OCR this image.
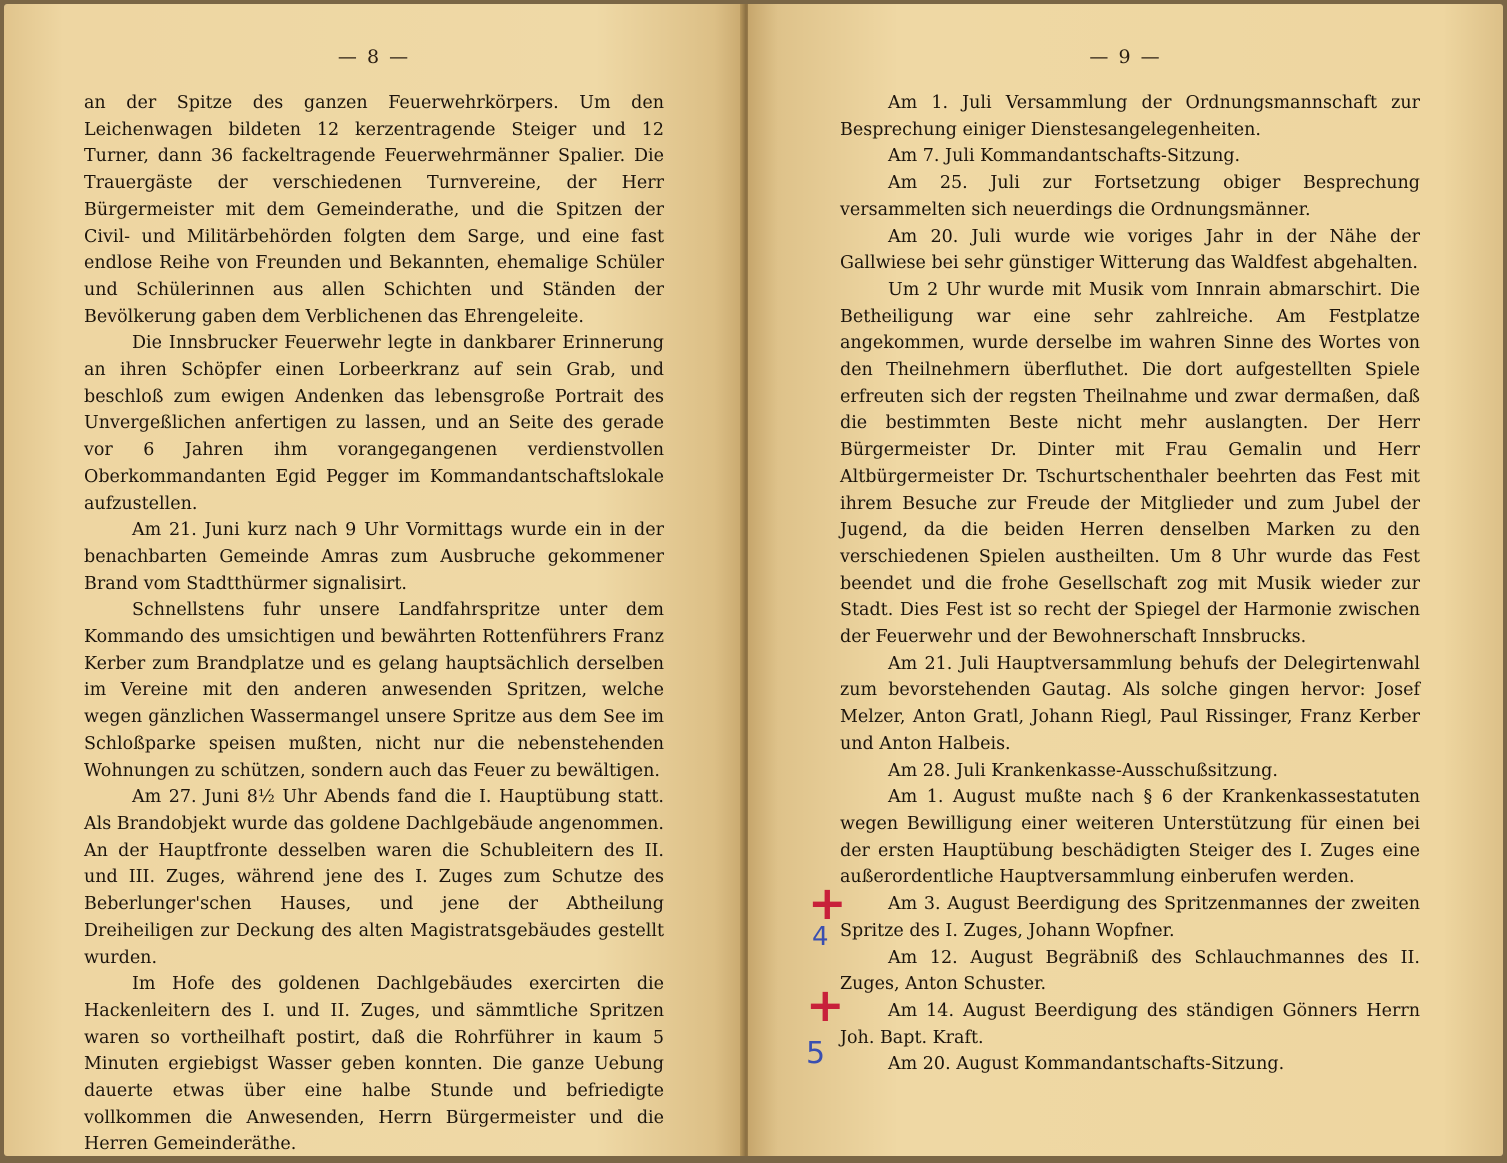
— 8 —

an der Spitze des ganzen Feuerwehrkörpers. Um den Leichenwagen bildeten 12 kerzentragende Steiger und 12 Turner, dann 36 fackeltragende Feuerwehrmänner Spalier. Die Trauergäste der verschiedenen Turnvereine, der Herr Bürgermeister mit dem Gemeinderathe, und die Spitzen der Civil- und Militärbehörden folgten dem Sarge, und eine fast endlose Reihe von Freunden und Bekannten, ehemalige Schüler und Schülerinnen aus allen Schichten und Ständen der Bevölkerung gaben dem Verblichenen das Ehrengeleite.

Die Innsbrucker Feuerwehr legte in dankbarer Erinnerung an ihren Schöpfer einen Lorbeerkranz auf sein Grab, und beschloß zum ewigen Andenken das lebensgroße Portrait des Unvergeßlichen anfertigen zu lassen, und an Seite des gerade vor 6 Jahren ihm vorangegangenen verdienstvollen Oberkommandanten Egid Pegger im Kommandantschaftslokale aufzustellen.

Am 21. Juni kurz nach 9 Uhr Vormittags wurde ein in der benachbarten Gemeinde Amras zum Ausbruche gekommener Brand vom Stadtthürmer signalisirt.

Schnellstens fuhr unsere Landfahrspritze unter dem Kommando des umsichtigen und bewährten Rottenführers Franz Kerber zum Brandplatze und es gelang hauptsächlich derselben im Vereine mit den anderen anwesenden Spritzen, welche wegen gänzlichen Wassermangel unsere Spritze aus dem See im Schloßparke speisen mußten, nicht nur die nebenstehenden Wohnungen zu schützen, sondern auch das Feuer zu bewältigen.

Am 27. Juni 8½ Uhr Abends fand die I. Hauptübung statt. Als Brandobjekt wurde das goldene Dachlgebäude angenommen. An der Hauptfronte desselben waren die Schubleitern des II. und III. Zuges, während jene des I. Zuges zum Schutze des Beberlunger'schen Hauses, und jene der Abtheilung Dreiheiligen zur Deckung des alten Magistratsgebäudes gestellt wurden.

Im Hofe des goldenen Dachlgebäudes exercirten die Hackenleitern des I. und II. Zuges, und sämmtliche Spritzen waren so vortheilhaft postirt, daß die Rohrführer in kaum 5 Minuten ergiebigst Wasser geben konnten. Die ganze Uebung dauerte etwas über eine halbe Stunde und befriedigte vollkommen die Anwesenden, Herrn Bürgermeister und die Herren Gemeinderäthe.

— 9 —

Am 1. Juli Versammlung der Ordnungsmannschaft zur Besprechung einiger Dienstesangelegenheiten.

Am 7. Juli Kommandantschafts-Sitzung.

Am 25. Juli zur Fortsetzung obiger Besprechung versammelten sich neuerdings die Ordnungsmänner.

Am 20. Juli wurde wie voriges Jahr in der Nähe der Gallwiese bei sehr günstiger Witterung das Waldfest abgehalten.

Um 2 Uhr wurde mit Musik vom Innrain abmarschirt. Die Betheiligung war eine sehr zahlreiche. Am Festplatze angekommen, wurde derselbe im wahren Sinne des Wortes von den Theilnehmern überfluthet. Die dort aufgestellten Spiele erfreuten sich der regsten Theilnahme und zwar dermaßen, daß die bestimmten Beste nicht mehr auslangten. Der Herr Bürgermeister Dr. Dinter mit Frau Gemalin und Herr Altbürgermeister Dr. Tschurtschenthaler beehrten das Fest mit ihrem Besuche zur Freude der Mitglieder und zum Jubel der Jugend, da die beiden Herren denselben Marken zu den verschiedenen Spielen austheilten. Um 8 Uhr wurde das Fest beendet und die frohe Gesellschaft zog mit Musik wieder zur Stadt. Dies Fest ist so recht der Spiegel der Harmonie zwischen der Feuerwehr und der Bewohnerschaft Innsbrucks.

Am 21. Juli Hauptversammlung behufs der Delegirtenwahl zum bevorstehenden Gautag. Als solche gingen hervor: Josef Melzer, Anton Gratl, Johann Riegl, Paul Rissinger, Franz Kerber und Anton Halbeis.

Am 28. Juli Krankenkasse-Ausschußsitzung.

Am 1. August mußte nach § 6 der Krankenkassestatuten wegen Bewilligung einer weiteren Unterstützung für einen bei der ersten Hauptübung beschädigten Steiger des I. Zuges eine außerordentliche Hauptversammlung einberufen werden.

Am 3. August Beerdigung des Spritzenmannes der zweiten Spritze des I. Zuges, Johann Wopfner.

Am 12. August Begräbniß des Schlauchmannes des II. Zuges, Anton Schuster.

Am 14. August Beerdigung des ständigen Gönners Herrn Joh. Bapt. Kraft.

Am 20. August Kommandantschafts-Sitzung.

+
4
+
5
